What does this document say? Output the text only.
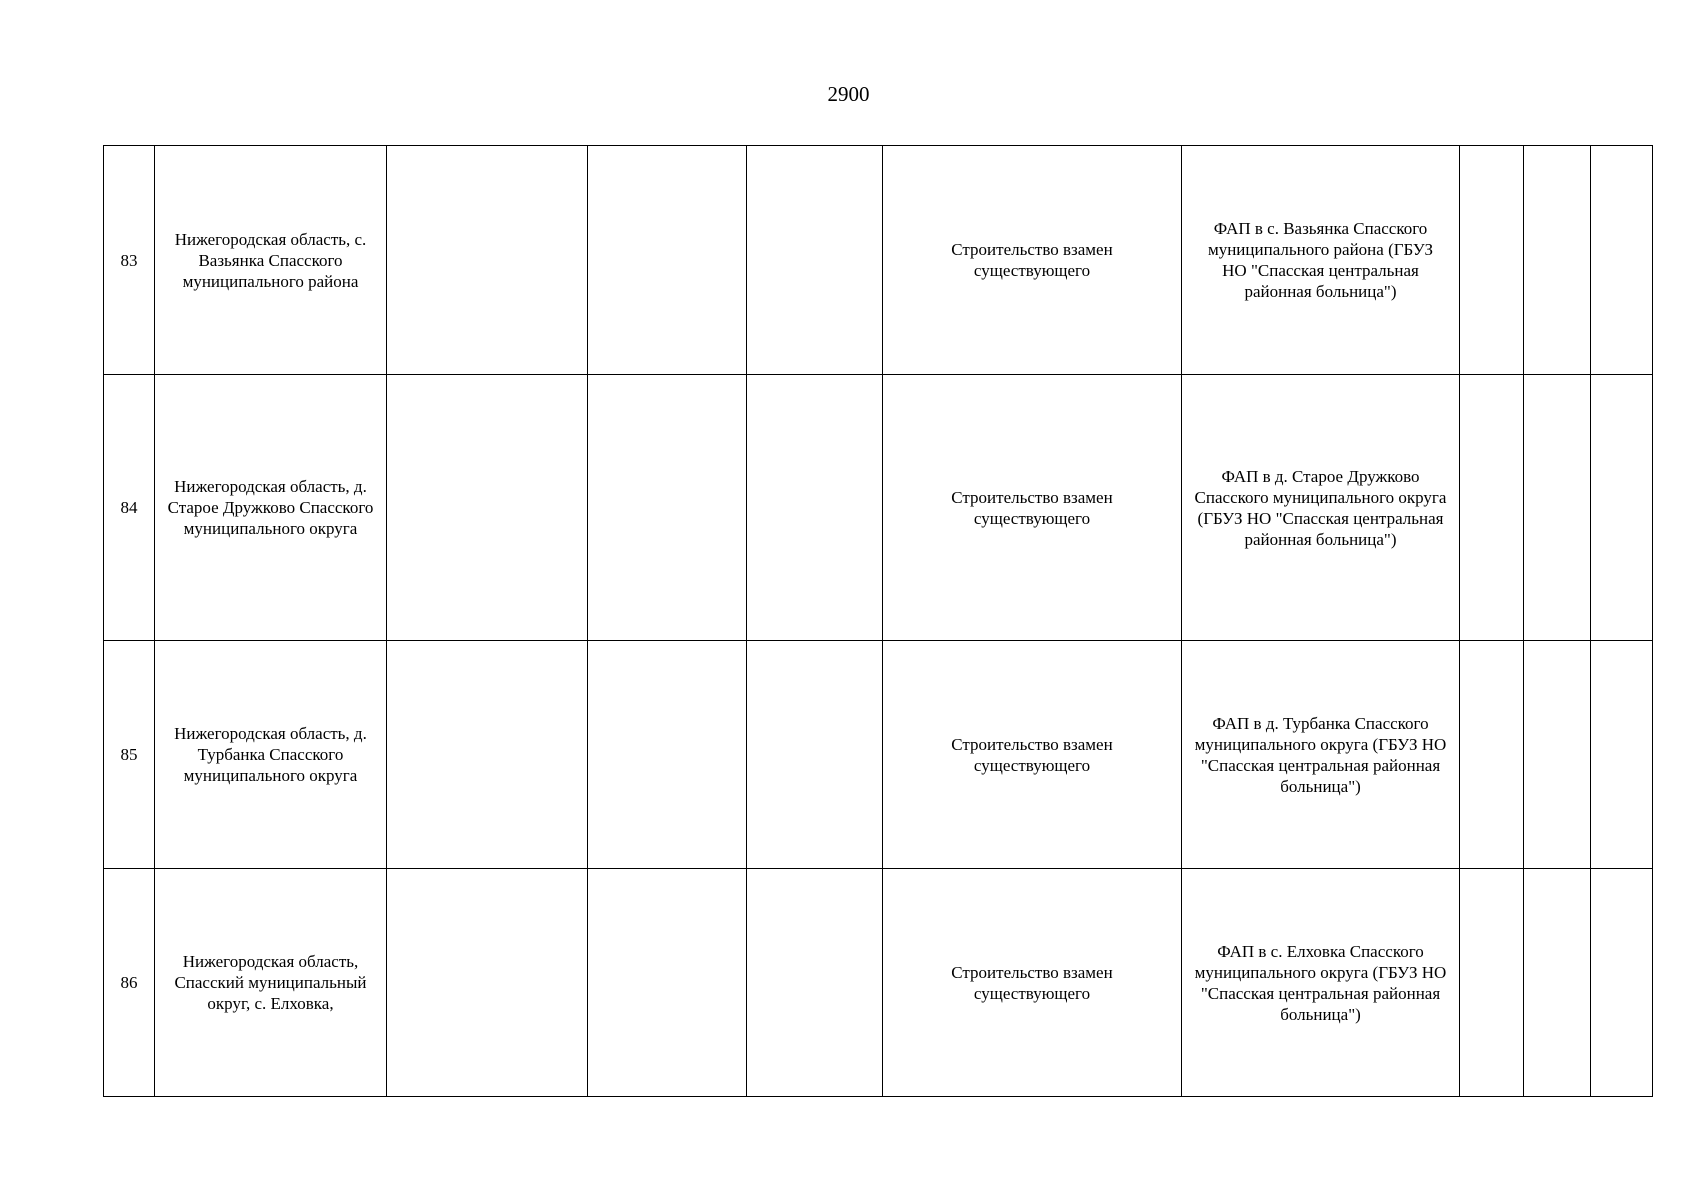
2900
83	Нижегородская область, с. Вазьянка Спасского муниципального района				Строительство взамен существующего	ФАП в с. Вазьянка Спасского муниципального района (ГБУЗ НО "Спасская центральная районная больница")			
84	Нижегородская область, д. Старое Дружково Спасского муниципального округа				Строительство взамен существующего	ФАП в д. Старое Дружково Спасского муниципального округа (ГБУЗ НО "Спасская центральная районная больница")			
85	Нижегородская область, д. Турбанка Спасского муниципального округа				Строительство взамен существующего	ФАП в д. Турбанка Спасского муниципального округа (ГБУЗ НО "Спасская центральная районная больница")			
86	Нижегородская область, Спасский муниципальный округ, с. Елховка,				Строительство взамен существующего	ФАП в с. Елховка Спасского муниципального округа (ГБУЗ НО "Спасская центральная районная больница")			
